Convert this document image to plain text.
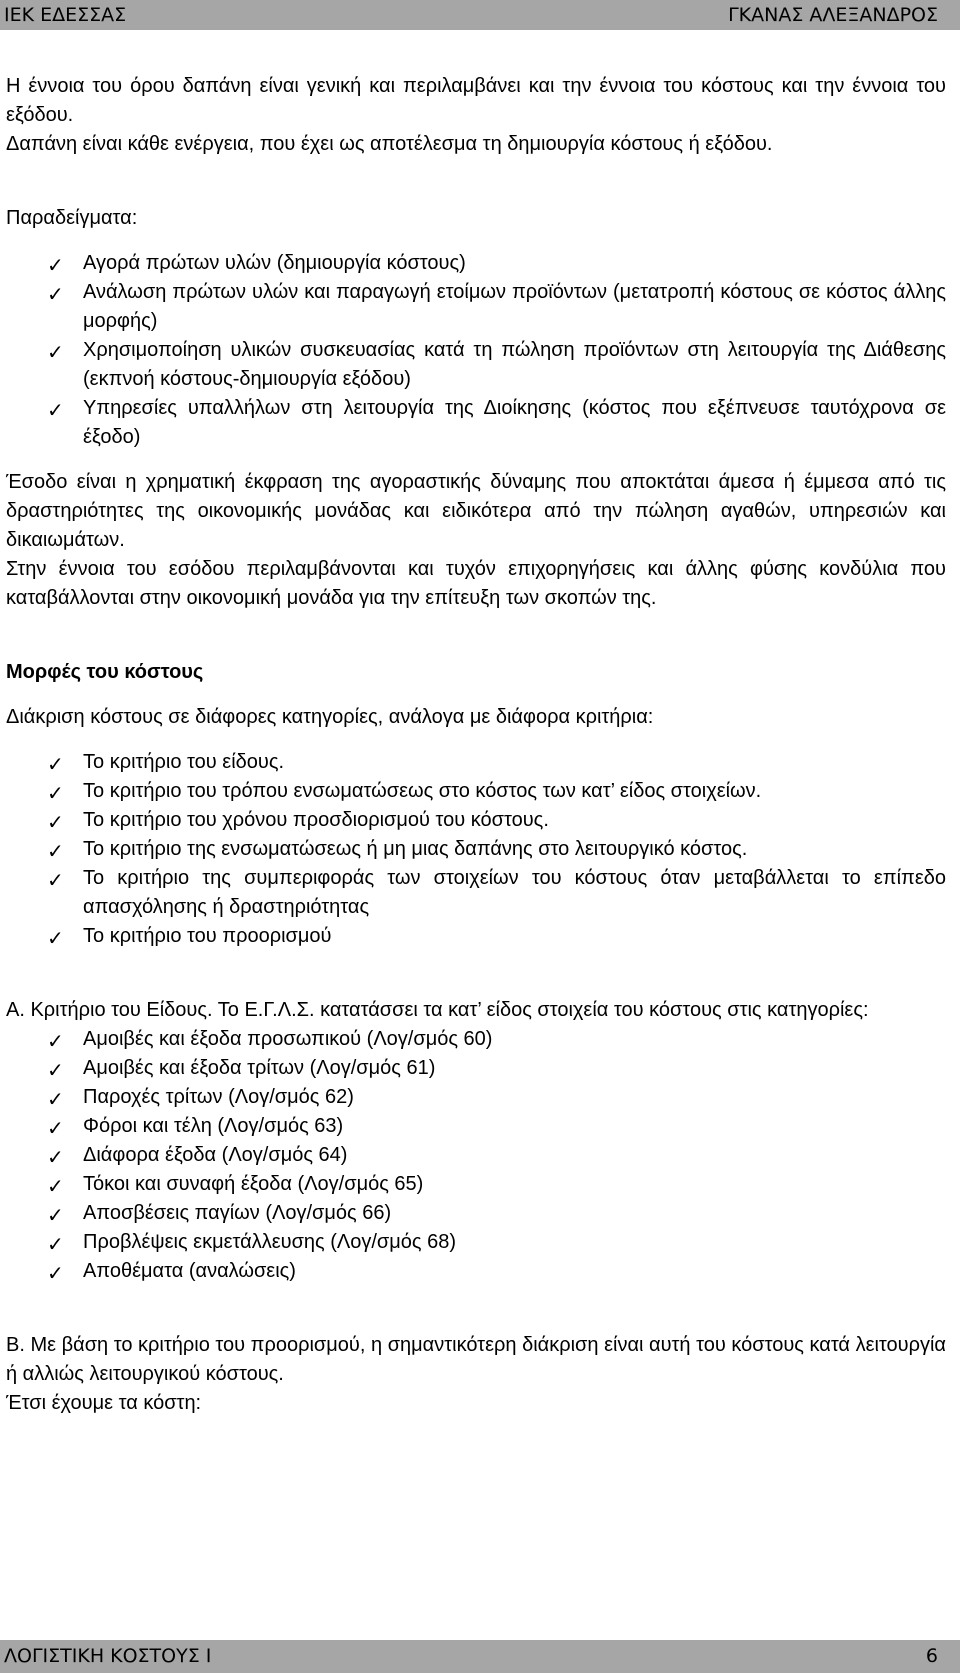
ΙΕΚ ΕΔΕΣΣΑΣ	ΓΚΑΝΑΣ ΑΛΕΞΑΝΔΡΟΣ

Η έννοια του όρου δαπάνη είναι γενική και περιλαμβάνει και την έννοια του κόστους και την έννοια του εξόδου.

Δαπάνη είναι κάθε ενέργεια, που έχει ως αποτέλεσμα τη δημιουργία κόστους ή εξόδου.

Παραδείγματα:

✓ Αγορά πρώτων υλών (δημιουργία κόστους)
✓ Ανάλωση πρώτων υλών και παραγωγή ετοίμων προϊόντων (μετατροπή κόστους σε κόστος άλλης μορφής)
✓ Χρησιμοποίηση υλικών συσκευασίας κατά τη πώληση προϊόντων στη λειτουργία της Διάθεσης (εκπνοή κόστους-δημιουργία εξόδου)
✓ Υπηρεσίες υπαλλήλων στη λειτουργία της Διοίκησης (κόστος που εξέπνευσε ταυτόχρονα σε έξοδο)

Έσοδο είναι η χρηματική έκφραση της αγοραστικής δύναμης που αποκτάται άμεσα ή έμμεσα από τις δραστηριότητες της οικονομικής μονάδας και ειδικότερα από την πώληση αγαθών, υπηρεσιών και δικαιωμάτων.

Στην έννοια του εσόδου περιλαμβάνονται και τυχόν επιχορηγήσεις και άλλης φύσης κονδύλια που καταβάλλονται στην οικονομική μονάδα για την επίτευξη των σκοπών της.

Μορφές του κόστους

Διάκριση κόστους σε διάφορες κατηγορίες, ανάλογα με διάφορα κριτήρια:

✓ Το κριτήριο του είδους.
✓ Το κριτήριο του τρόπου ενσωματώσεως στο κόστος των κατ’ είδος στοιχείων.
✓ Το κριτήριο του χρόνου προσδιορισμού του κόστους.
✓ Το κριτήριο της ενσωματώσεως ή μη μιας δαπάνης στο λειτουργικό κόστος.
✓ Το κριτήριο της συμπεριφοράς των στοιχείων του κόστους όταν μεταβάλλεται το επίπεδο απασχόλησης ή δραστηριότητας
✓ Το κριτήριο του προορισμού

Α. Κριτήριο του Είδους. Το Ε.Γ.Λ.Σ. κατατάσσει τα κατ’ είδος στοιχεία του κόστους στις κατηγορίες:

✓ Αμοιβές και έξοδα προσωπικού (Λογ/σμός 60)
✓ Αμοιβές και έξοδα τρίτων (Λογ/σμός 61)
✓ Παροχές τρίτων (Λογ/σμός 62)
✓ Φόροι και τέλη (Λογ/σμός 63)
✓ Διάφορα έξοδα (Λογ/σμός 64)
✓ Τόκοι και συναφή έξοδα (Λογ/σμός 65)
✓ Αποσβέσεις παγίων (Λογ/σμός 66)
✓ Προβλέψεις εκμετάλλευσης (Λογ/σμός 68)
✓ Αποθέματα (αναλώσεις)

Β. Με βάση το κριτήριο του προορισμού, η σημαντικότερη διάκριση είναι αυτή του κόστους κατά λειτουργία ή αλλιώς λειτουργικού κόστους.

Έτσι έχουμε τα κόστη:

ΛΟΓΙΣΤΙΚΗ ΚΟΣΤΟΥΣ Ι	6
